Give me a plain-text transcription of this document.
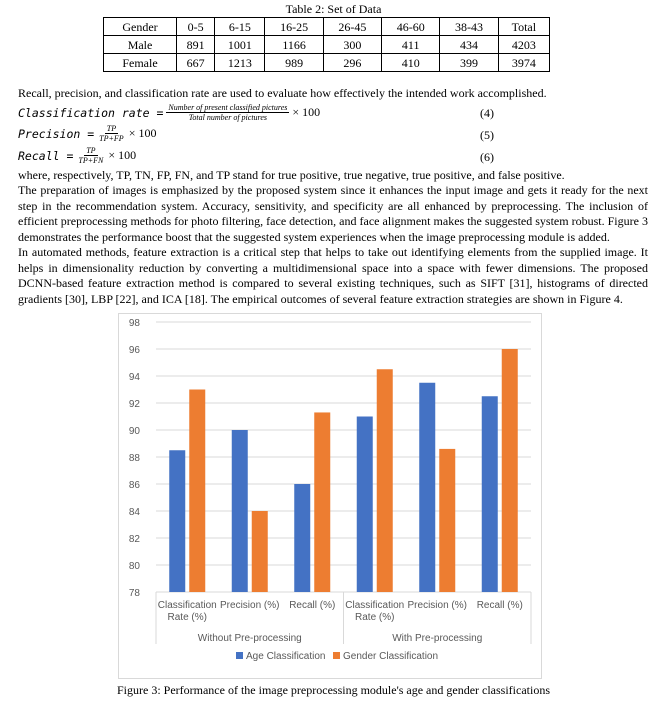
Table 2: Set of Data
Gender	0-5	6-15	16-25	26-45	46-60	38-43	Total
Male	891	1001	1166	300	411	434	4203
Female	667	1213	989	296	410	399	3974
Recall, precision, and classification rate are used to evaluate how effectively the intended work accomplished.
Classification rate = $\frac{\text{Number of present classified pictures}}{\text{Total number of pictures}} \times 100$	(4)
Precision = $\frac{TP}{TP+FP} \times 100$	(5)
Recall = $\frac{TP}{TP+FN} \times 100$	(6)
where, respectively, TP, TN, FP, FN, and TP stand for true positive, true negative, true positive, and false positive.
The preparation of images is emphasized by the proposed system since it enhances the input image and gets it ready for the next step in the recommendation system. Accuracy, sensitivity, and specificity are all enhanced by preprocessing. The inclusion of efficient preprocessing methods for photo filtering, face detection, and face alignment makes the suggested system robust. Figure 3 demonstrates the performance boost that the suggested system experiences when the image preprocessing module is added.
In automated methods, feature extraction is a critical step that helps to take out identifying elements from the supplied image. It helps in dimensionality reduction by converting a multidimensional space into a space with fewer dimensions. The proposed DCNN-based feature extraction method is compared to several existing techniques, such as SIFT [31], histograms of directed gradients [30], LBP [22], and ICA [18]. The empirical outcomes of several feature extraction strategies are shown in Figure 4.
78
80
82
84
86
88
90
92
94
96
98
Classification
Rate (%)
Precision (%) Recall (%) Classification
Rate (%)
Precision (%) Recall (%)
Without Pre-processing	With Pre-processing
Age Classification Gender Classification
Figure 3: Performance of the image preprocessing module's age and gender classifications
